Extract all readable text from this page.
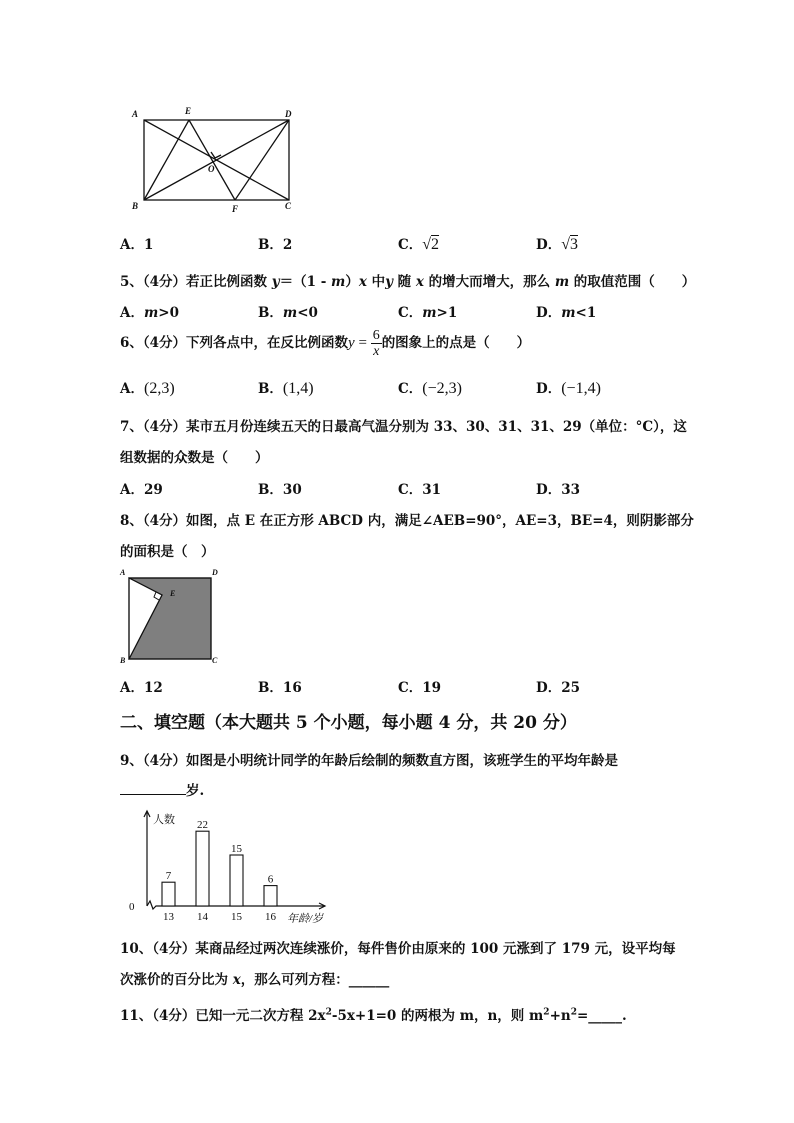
A	E	D
O
B	F	C
A．1	B．2	C．√2	D．√3
5、（4分）若正比例函数 y＝（1 - m）x 中y 随 x 的增大而增大，那么 m 的取值范围（　　）
A．m>0	B．m<0	C．m>1	D．m<1
6、（4分）下列各点中，在反比例函数$y = \frac{6}{x}$ 的图象上的点是（　　）
A．(2,3)	B．(1,4)	C．(−2,3)	D．(−1,4)
7、（4分）某市五月份连续五天的日最高气温分别为 33、30、31、31、29（单位：°C），这
组数据的众数是（　　）
A．29	B．30	C．31	D．33
8、（4分）如图，点 E 在正方形 ABCD 内，满足∠AEB=90°，AE=3，BE=4，则阴影部分
的面积是（　）
A	D
E
B	C
A．12	B．16	C．19	D．25
二、填空题（本大题共 5 个小题，每小题 4 分，共 20 分）
9、（4分）如图是小明统计同学的年龄后绘制的频数直方图，该班学生的平均年龄是
岁.
人数
0
年龄/岁
7
13
22
14
15
15
6
16
10、（4分）某商品经过两次连续涨价，每件售价由原来的 100 元涨到了 179 元，设平均每
次涨价的百分比为 x，那么可列方程：______
11、（4分）已知一元二次方程 $2x^2-5x+1=0$ 的两根为 m，n，则 $m^2+n^2=\_\_\_\_\_$.
